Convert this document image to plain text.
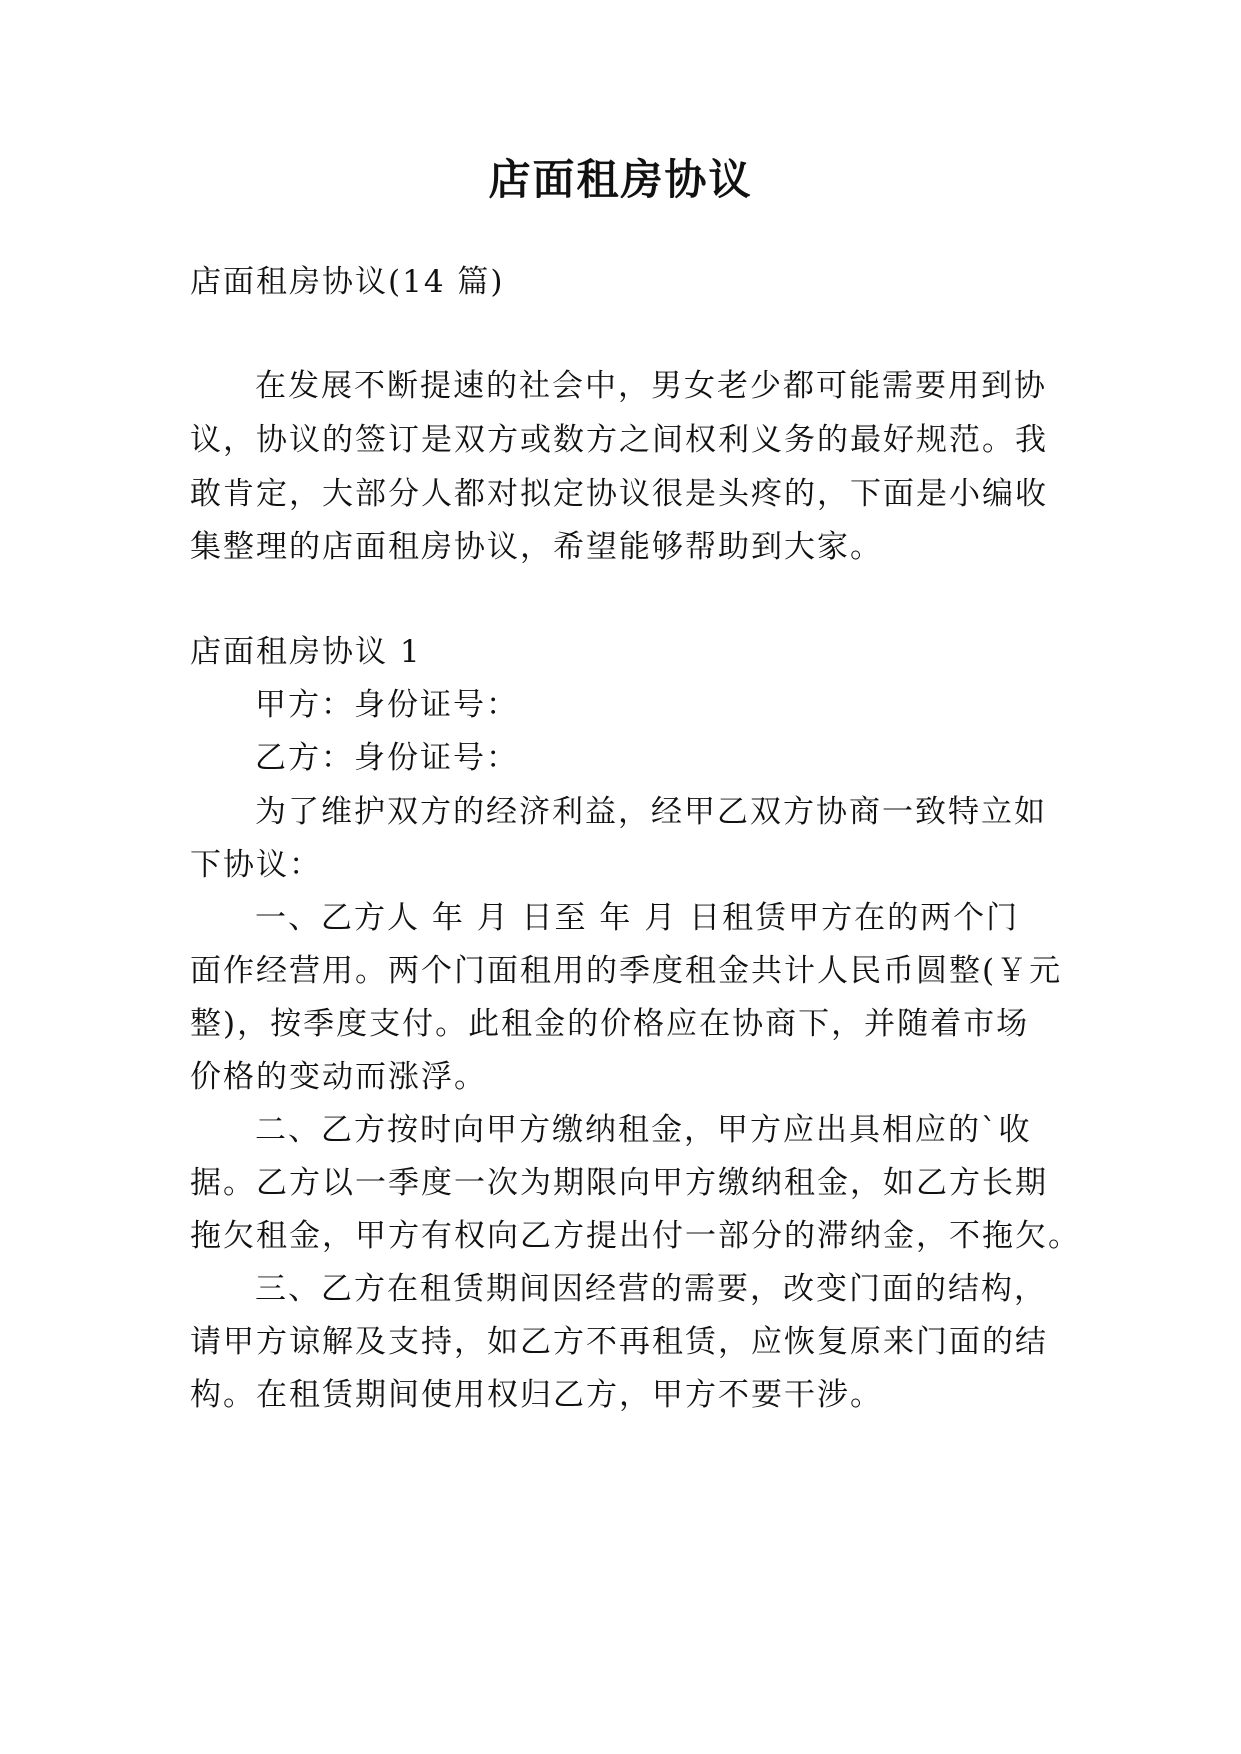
店面租房协议
店面租房协议(14 篇)
在发展不断提速的社会中，男女老少都可能需要用到协
议，协议的签订是双方或数方之间权利义务的最好规范。我
敢肯定，大部分人都对拟定协议很是头疼的，下面是小编收
集整理的店面租房协议，希望能够帮助到大家。
店面租房协议 1
甲方：身份证号：
乙方：身份证号：
为了维护双方的经济利益，经甲乙双方协商一致特立如
下协议：
一、乙方人 年 月 日至 年 月 日租赁甲方在的两个门
面作经营用。两个门面租用的季度租金共计人民币圆整(￥元
整)，按季度支付。此租金的价格应在协商下，并随着市场
价格的变动而涨浮。
二、乙方按时向甲方缴纳租金，甲方应出具相应的`收
据。乙方以一季度一次为期限向甲方缴纳租金，如乙方长期
拖欠租金，甲方有权向乙方提出付一部分的滞纳金，不拖欠。
三、乙方在租赁期间因经营的需要，改变门面的结构，
请甲方谅解及支持，如乙方不再租赁，应恢复原来门面的结
构。在租赁期间使用权归乙方，甲方不要干涉。
